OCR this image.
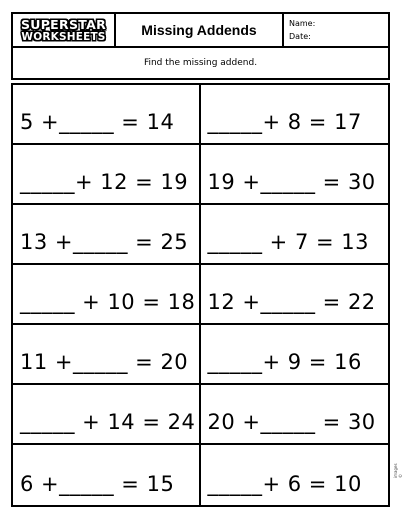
SUPERSTAR
WORKSHEETS	Missing Addends	Name:
Date:
Find the missing addend.
5 +_____ = 14 _____+ 8 = 17
_____+ 12 = 19 19 +_____ = 30
13 +_____ = 25 _____ + 7 = 13
_____ + 10 = 18 12 +_____ = 22
11 +_____ = 20 _____+ 9 = 16
_____ + 14 = 24 20 +_____ = 30
6 +_____ = 15 _____+ 6 = 10
images ©
